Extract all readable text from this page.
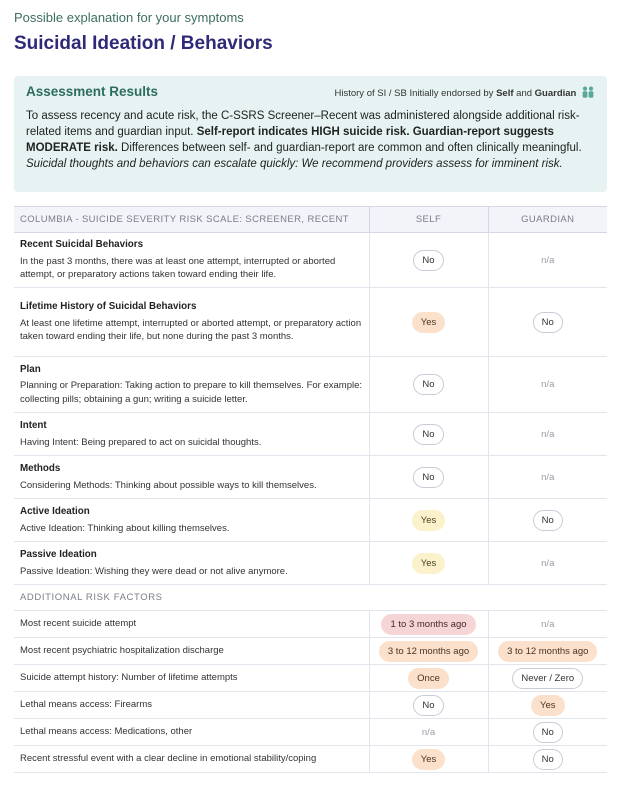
Possible explanation for your symptoms
Suicidal Ideation / Behaviors
Assessment Results	History of SI / SB Initially endorsed by Self and Guardian
To assess recency and acute risk, the C-SSRS Screener–Recent was administered alongside additional risk-related items and guardian input. Self-report indicates HIGH suicide risk. Guardian-report suggests MODERATE risk. Differences between self- and guardian-report are common and often clinically meaningful. Suicidal thoughts and behaviors can escalate quickly: We recommend providers assess for imminent risk.
COLUMBIA - SUICIDE SEVERITY RISK SCALE: SCREENER, RECENT	SELF	GUARDIAN

Recent Suicidal Behaviors
In the past 3 months, there was at least one attempt, interrupted or aborted attempt, or preparatory actions taken toward ending their life.	No	n/a

Lifetime History of Suicidal Behaviors
At least one lifetime attempt, interrupted or aborted attempt, or preparatory action taken toward ending their life, but none during the past 3 months.	Yes	No

Plan
Planning or Preparation: Taking action to prepare to kill themselves. For example: collecting pills; obtaining a gun; writing a suicide letter.	No	n/a

Intent
Having Intent: Being prepared to act on suicidal thoughts.	No	n/a

Methods
Considering Methods: Thinking about possible ways to kill themselves.	No	n/a

Active Ideation
Active Ideation: Thinking about killing themselves.	Yes	No

Passive Ideation
Passive Ideation: Wishing they were dead or not alive anymore.	Yes	n/a
ADDITIONAL RISK FACTORS		
Most recent suicide attempt	1 to 3 months ago	n/a
Most recent psychiatric hospitalization discharge	3 to 12 months ago	3 to 12 months ago
Suicide attempt history: Number of lifetime attempts	Once	Never / Zero
Lethal means access: Firearms	No	Yes
Lethal means access: Medications, other	n/a	No
Recent stressful event with a clear decline in emotional stability/coping	Yes	No
